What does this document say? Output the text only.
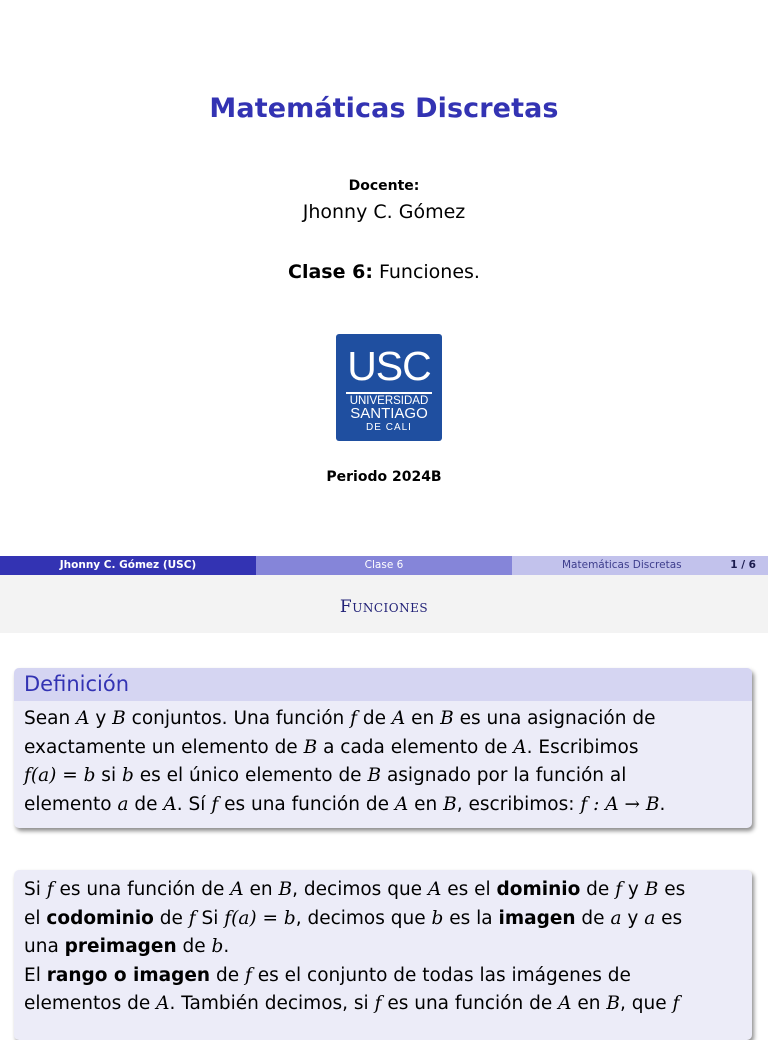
Matemáticas Discretas
Docente:
Jhonny C. Gómez
Clase 6: Funciones.
USC
UNIVERSIDAD
SANTIAGO
DE CALI
Periodo 2024B
Jhonny C. Gómez (USC)	Clase 6	Matemáticas Discretas	1 / 6
Funciones
Definición
Sean A y B conjuntos. Una función f de A en B es una asignación de
exactamente un elemento de B a cada elemento de A. Escribimos
f(a) = b si b es el único elemento de B asignado por la función al
elemento a de A. Sí f es una función de A en B, escribimos: f : A → B.
Si f es una función de A en B, decimos que A es el dominio de f y B es
el codominio de f Si f(a) = b, decimos que b es la imagen de a y a es
una preimagen de b.
El rango o imagen de f es el conjunto de todas las imágenes de
elementos de A. También decimos, si f es una función de A en B, que f
